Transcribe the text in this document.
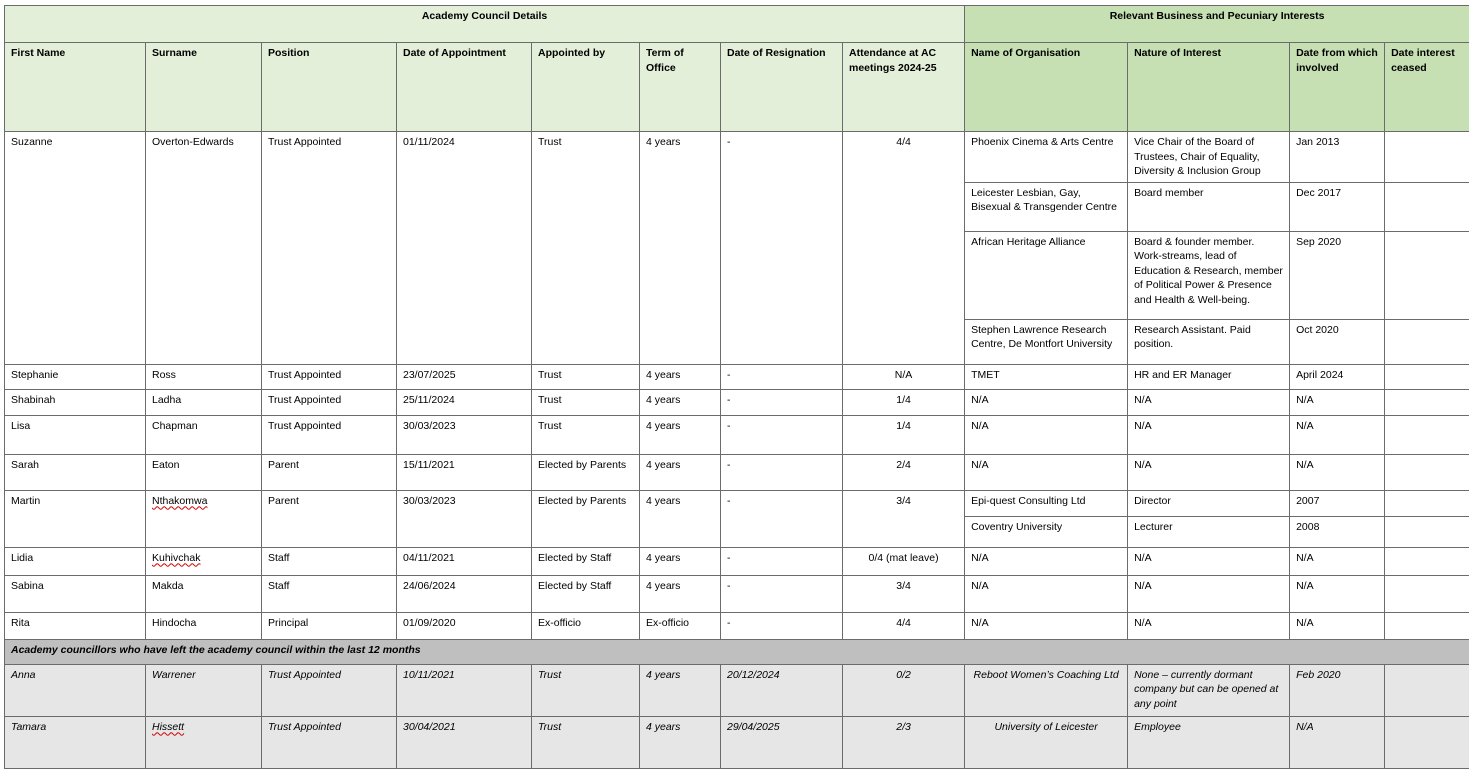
Academy Council Details								Relevant Business and Pecuniary Interests			
First Name	Surname	Position	Date of Appointment	Appointed by	Term of Office	Date of Resignation	Attendance at AC meetings 2024-25	Name of Organisation	Nature of Interest	Date from which involved	Date interest ceased
Suzanne	Overton-Edwards	Trust Appointed	01/11/2024	Trust	4 years	-	4/4	Phoenix Cinema & Arts Centre	Vice Chair of the Board of Trustees, Chair of Equality, Diversity & Inclusion Group	Jan 2013	
								Leicester Lesbian, Gay, Bisexual & Transgender Centre	Board member	Dec 2017	
								African Heritage Alliance	Board & founder member. Work-streams, lead of Education & Research, member of Political Power & Presence and Health & Well-being.	Sep 2020	
								Stephen Lawrence Research Centre, De Montfort University	Research Assistant. Paid position.	Oct 2020	
Stephanie	Ross	Trust Appointed	23/07/2025	Trust	4 years	-	N/A	TMET	HR and ER Manager	April 2024	
Shabinah	Ladha	Trust Appointed	25/11/2024	Trust	4 years	-	1/4	N/A	N/A	N/A	
Lisa	Chapman	Trust Appointed	30/03/2023	Trust	4 years	-	1/4	N/A	N/A	N/A	
Sarah	Eaton	Parent	15/11/2021	Elected by Parents	4 years	-	2/4	N/A	N/A	N/A	
Martin	Nthakomwa	Parent	30/03/2023	Elected by Parents	4 years	-	3/4	Epi-quest Consulting Ltd	Director	2007	
								Coventry University	Lecturer	2008	
Lidia	Kuhivchak	Staff	04/11/2021	Elected by Staff	4 years	-	0/4 (mat leave)	N/A	N/A	N/A	
Sabina	Makda	Staff	24/06/2024	Elected by Staff	4 years	-	3/4	N/A	N/A	N/A	
Rita	Hindocha	Principal	01/09/2020	Ex-officio	Ex-officio	-	4/4	N/A	N/A	N/A	
Academy councillors who have left the academy council within the last 12 months											
Anna	Warrener	Trust Appointed	10/11/2021	Trust	4 years	20/12/2024	0/2	Reboot Women’s Coaching Ltd	None – currently dormant company but can be opened at any point	Feb 2020	
Tamara	Hissett	Trust Appointed	30/04/2021	Trust	4 years	29/04/2025	2/3	University of Leicester	Employee	N/A	
